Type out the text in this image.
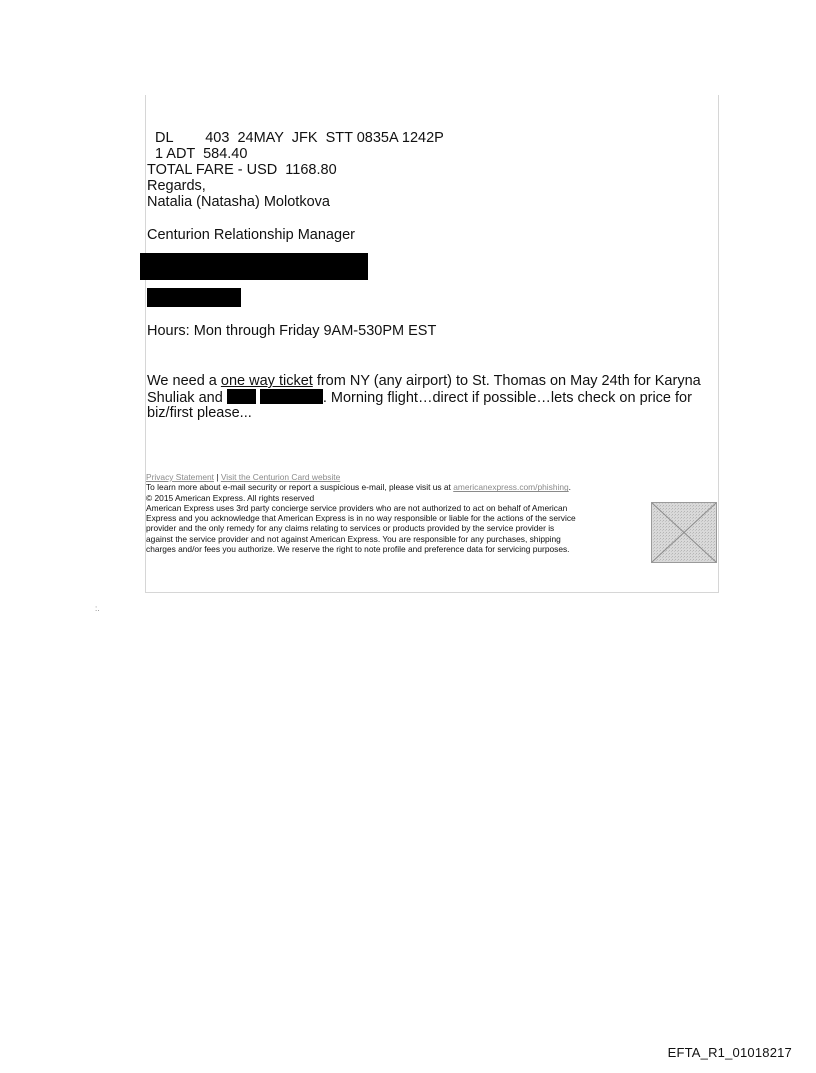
DL        403  24MAY  JFK  STT 0835A 1242P

1 ADT  584.40

TOTAL FARE - USD  1168.80

Regards,

Natalia (Natasha) Molotkova

Centurion Relationship Manager

Hours: Mon through Friday 9AM-530PM EST

We need a one way ticket from NY (any airport) to St. Thomas on May 24th for Karyna

Shuliak and	. Morning flight…direct if possible…lets check on price for

biz/first please...

Privacy Statement | Visit the Centurion Card website

To learn more about e-mail security or report a suspicious e-mail, please visit us at americanexpress.com/phishing.

© 2015 American Express. All rights reserved

American Express uses 3rd party concierge service providers who are not authorized to act on behalf of American

Express and you acknowledge that American Express is in no way responsible or liable for the actions of the service

provider and the only remedy for any claims relating to services or products provided by the service provider is

against the service provider and not against American Express. You are responsible for any purchases, shipping

charges and/or fees you authorize. We reserve the right to note profile and preference data for servicing purposes.

:.
EFTA_R1_01018217
